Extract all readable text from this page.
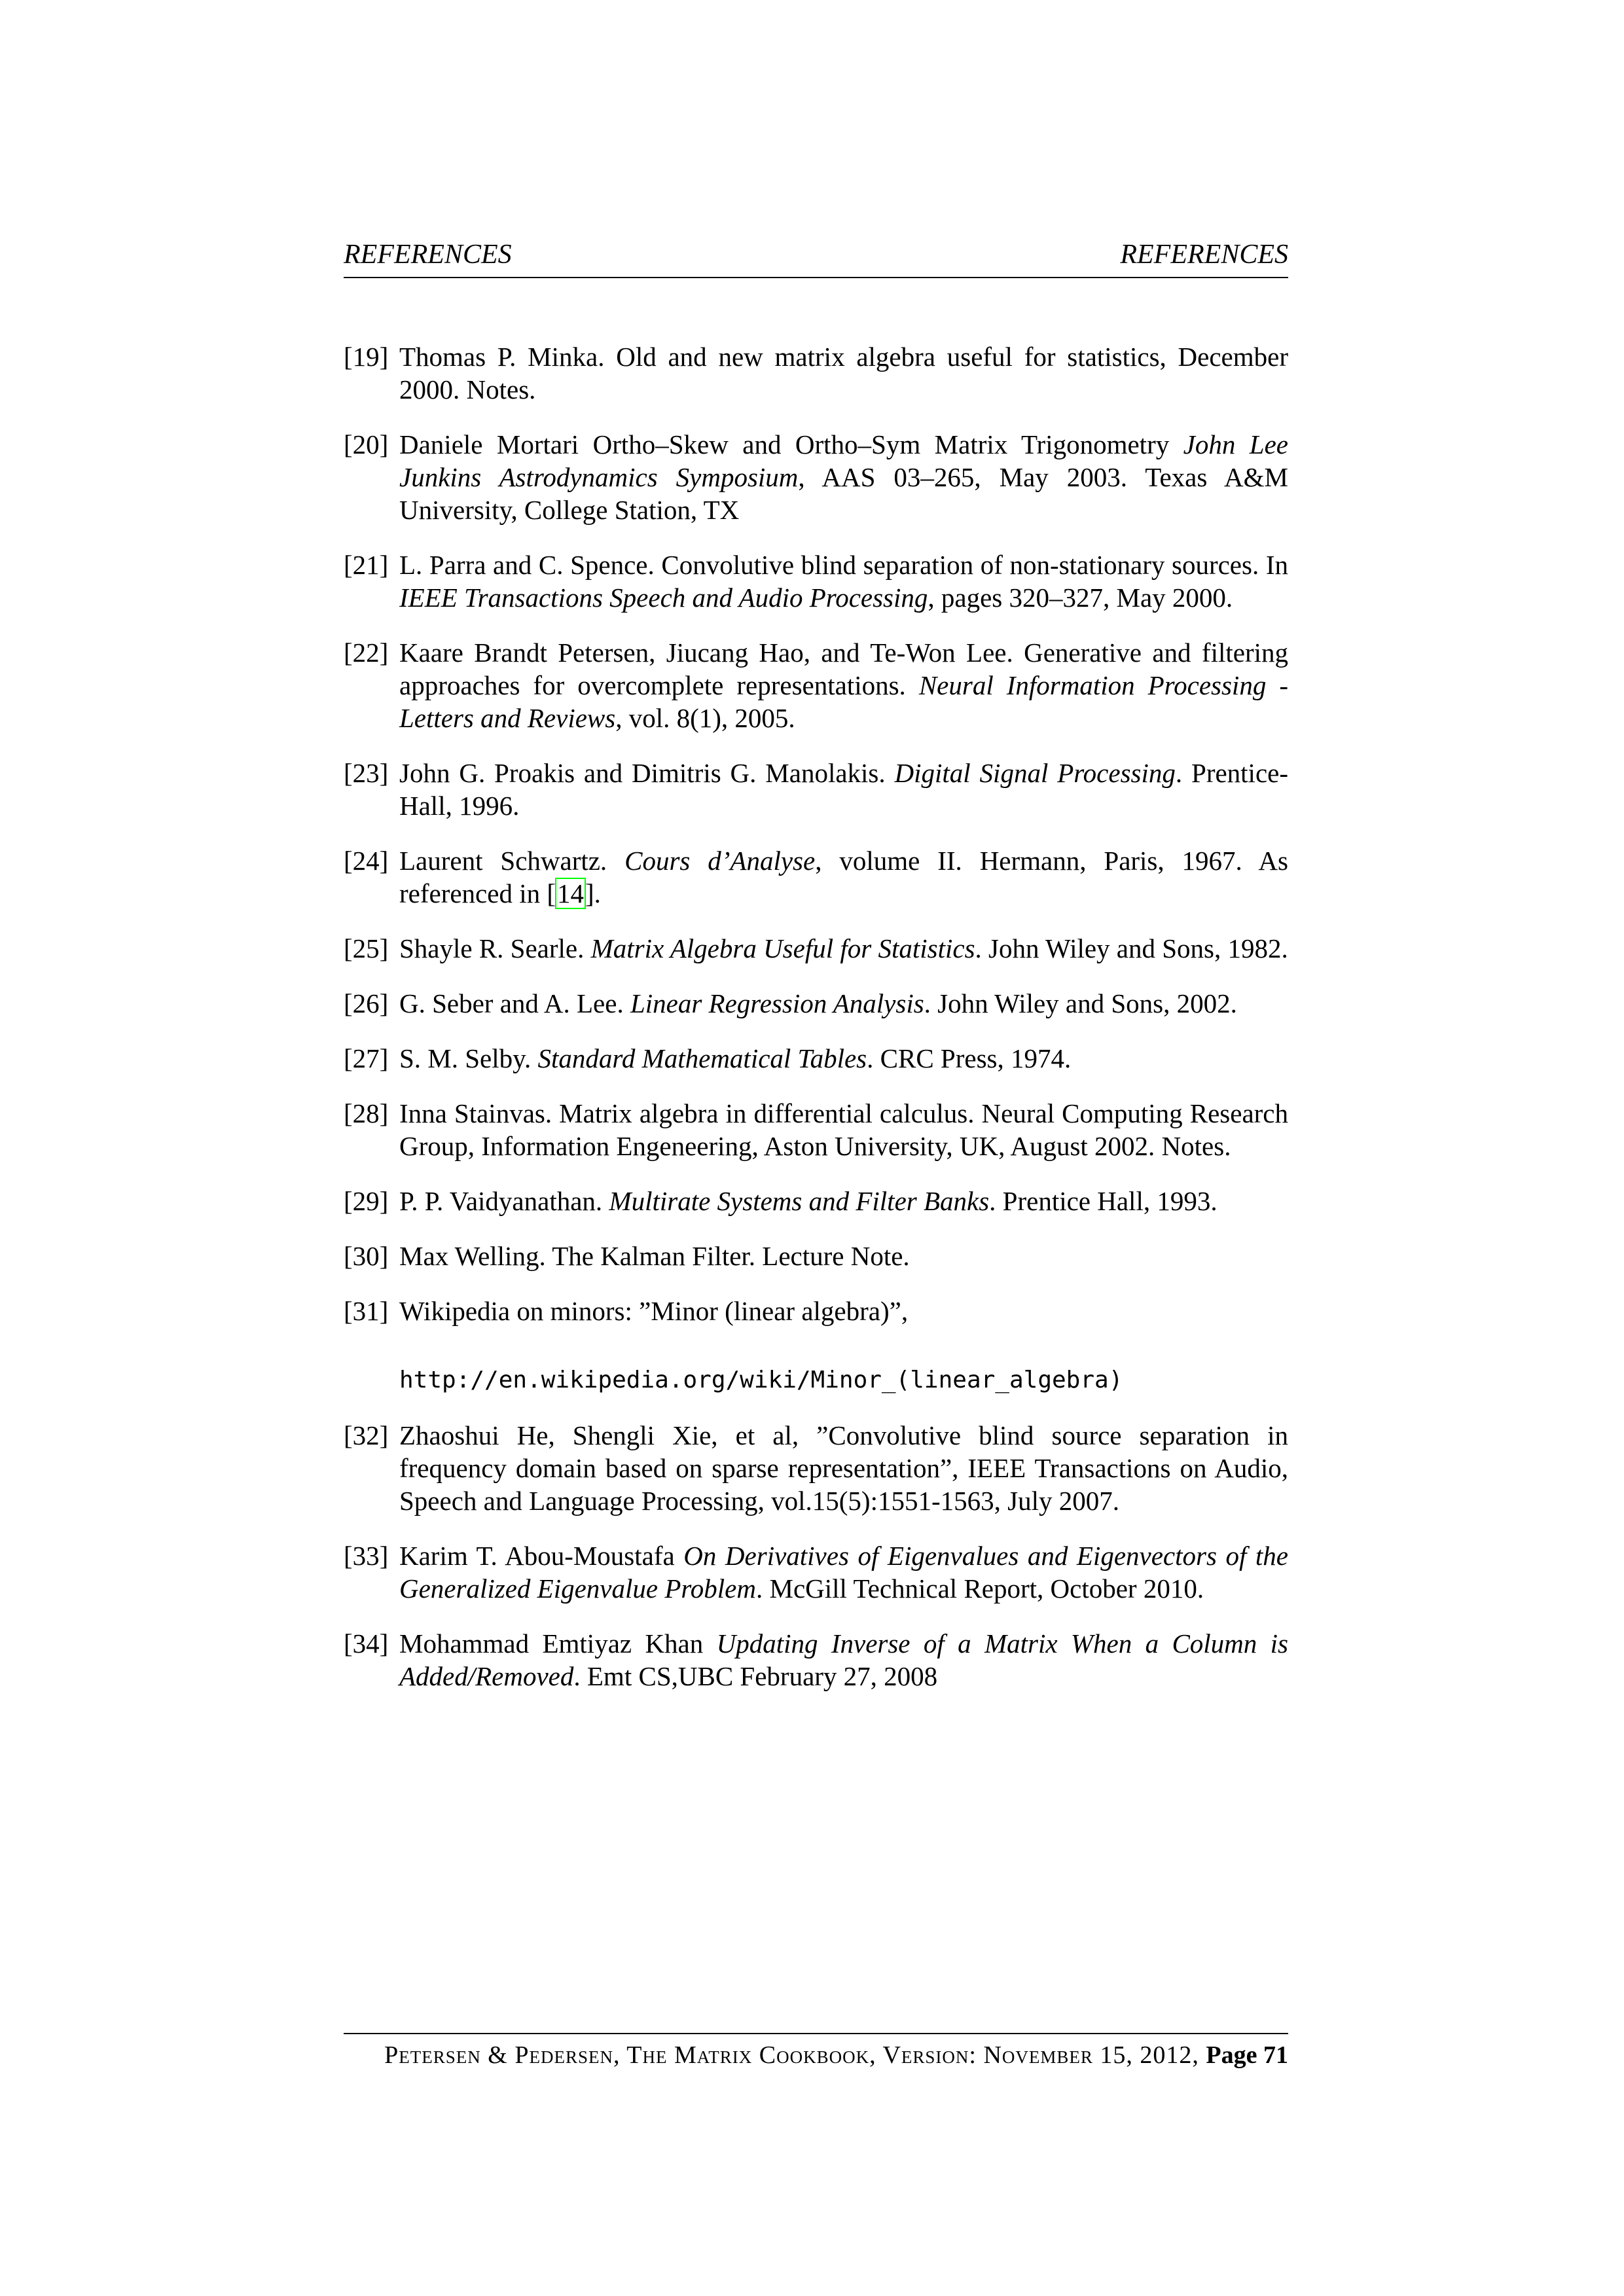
REFERENCES	REFERENCES
[19] Thomas P. Minka. Old and new matrix algebra useful for statistics, December 2000. Notes.
[20] Daniele Mortari Ortho–Skew and Ortho–Sym Matrix Trigonometry John Lee Junkins Astrodynamics Symposium, AAS 03–265, May 2003. Texas A&M University, College Station, TX
[21] L. Parra and C. Spence. Convolutive blind separation of non-stationary sources. In IEEE Transactions Speech and Audio Processing, pages 320–327, May 2000.
[22] Kaare Brandt Petersen, Jiucang Hao, and Te-Won Lee. Generative and filtering approaches for overcomplete representations. Neural Information Processing - Letters and Reviews, vol. 8(1), 2005.
[23] John G. Proakis and Dimitris G. Manolakis. Digital Signal Processing. Prentice-Hall, 1996.
[24] Laurent Schwartz. Cours d’Analyse, volume II. Hermann, Paris, 1967. As referenced in [14].
[25] Shayle R. Searle. Matrix Algebra Useful for Statistics. John Wiley and Sons, 1982.
[26] G. Seber and A. Lee. Linear Regression Analysis. John Wiley and Sons, 2002.
[27] S. M. Selby. Standard Mathematical Tables. CRC Press, 1974.
[28] Inna Stainvas. Matrix algebra in differential calculus. Neural Computing Research Group, Information Engeneering, Aston University, UK, August 2002. Notes.
[29] P. P. Vaidyanathan. Multirate Systems and Filter Banks. Prentice Hall, 1993.
[30] Max Welling. The Kalman Filter. Lecture Note.
[31] Wikipedia on minors: ”Minor (linear algebra)”,
http://en.wikipedia.org/wiki/Minor_(linear_algebra)
[32] Zhaoshui He, Shengli Xie, et al, ”Convolutive blind source separation in frequency domain based on sparse representation”, IEEE Transactions on Audio, Speech and Language Processing, vol.15(5):1551-1563, July 2007.
[33] Karim T. Abou-Moustafa On Derivatives of Eigenvalues and Eigenvectors of the Generalized Eigenvalue Problem. McGill Technical Report, October 2010.
[34] Mohammad Emtiyaz Khan Updating Inverse of a Matrix When a Column is Added/Removed. Emt CS,UBC February 27, 2008
Petersen & Pedersen, The Matrix Cookbook, Version: November 15, 2012, Page 71
